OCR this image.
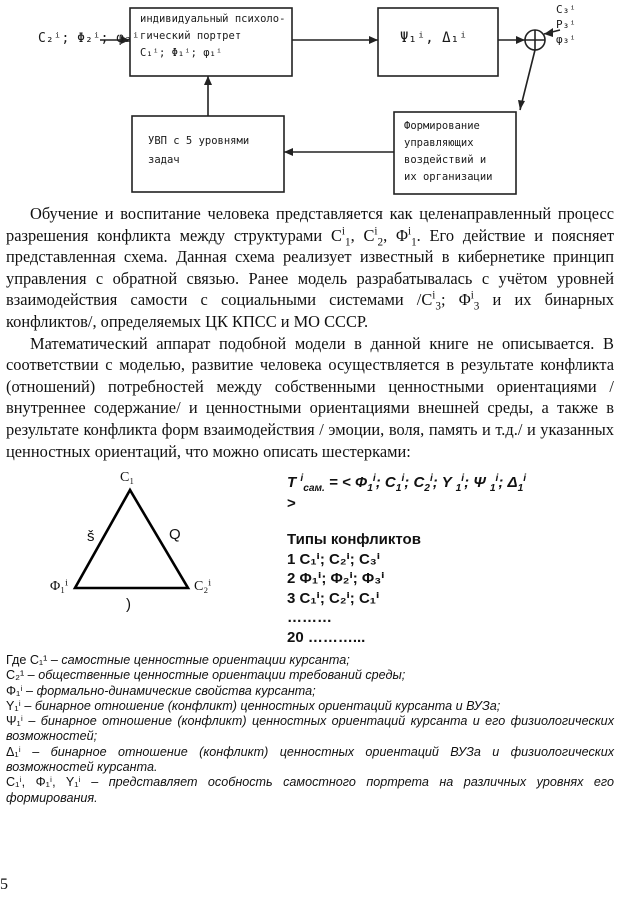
C₂ⁱ; Φ₂ⁱ; φ₂ⁱ
индивидуальный психоло-
гический портрет
C₁ⁱ; Φ₁ⁱ; φ₁ⁱ
Ψ₁ⁱ, Δ₁ⁱ
C₃ⁱ
P₃ⁱ
φ₃ⁱ
УВП с 5 уровнями
задач
Формирование
управляющих
воздействий и
их организации

Обучение и воспитание человека представляется как целенаправленный процесс разрешения конфликта между структурами $C^i_1$, $C^i_2$, $\Phi^i_1$. Его действие и поясняет представленная схема. Данная схема реализует известный в кибернетике принцип управления с обратной связью. Ранее модель разрабатывалась с учётом уровней взаимодействия самости с социальными системами $/C^i_3$; $\Phi^i_3$ и их бинарных конфликтов/, определяемых ЦК КПСС и МО СССР.

Математический аппарат подобной модели в данной книге не описывается. В соответствии с моделью, развитие человека осуществляется в результате конфликта (отношений) потребностей между собственными ценностными ориентациями /внутреннее содержание/ и ценностными ориентациями внешней среды, а также в результате конфликта форм взаимодействия / эмоции, воля, память и т.д./ и указанных ценностных ориентаций, что можно описать шестерками:

C₁
Φ₁ⁱ	C₂ⁱ
š	Q
)
T $^i_{сам.}$ = < $\Phi_1^i$; $C_1^i$; $C_2^i$; Y $_1^i$; Ψ $_1^i$; $\Delta_1^i$
>
Типы конфликтов
1 C₁ⁱ; C₂ⁱ; C₃ⁱ
2 Φ₁ⁱ; Φ₂ⁱ; Φ₃ⁱ
3 C₁ⁱ; C₂ⁱ; C₁ⁱ
………
20 ………...
Где C₁¹ – самостные ценностные ориентации курсанта;
C₂¹ – общественные ценностные ориентации требований среды;
Φ₁ⁱ – формально-динамические свойства курсанта;
Y₁ⁱ – бинарное отношение (конфликт) ценностных ориентаций курсанта и ВУЗа;
Ψ₁ⁱ – бинарное отношение (конфликт) ценностных ориентаций курсанта и его физиологических возможностей;
Δ₁ⁱ – бинарное отношение (конфликт) ценностных ориентаций ВУЗа и физиологических возможностей курсанта.
C₁ⁱ, Φ₁ⁱ, Y₁ⁱ – представляет особность самостного портрета на различных уровнях его формирования.
5
